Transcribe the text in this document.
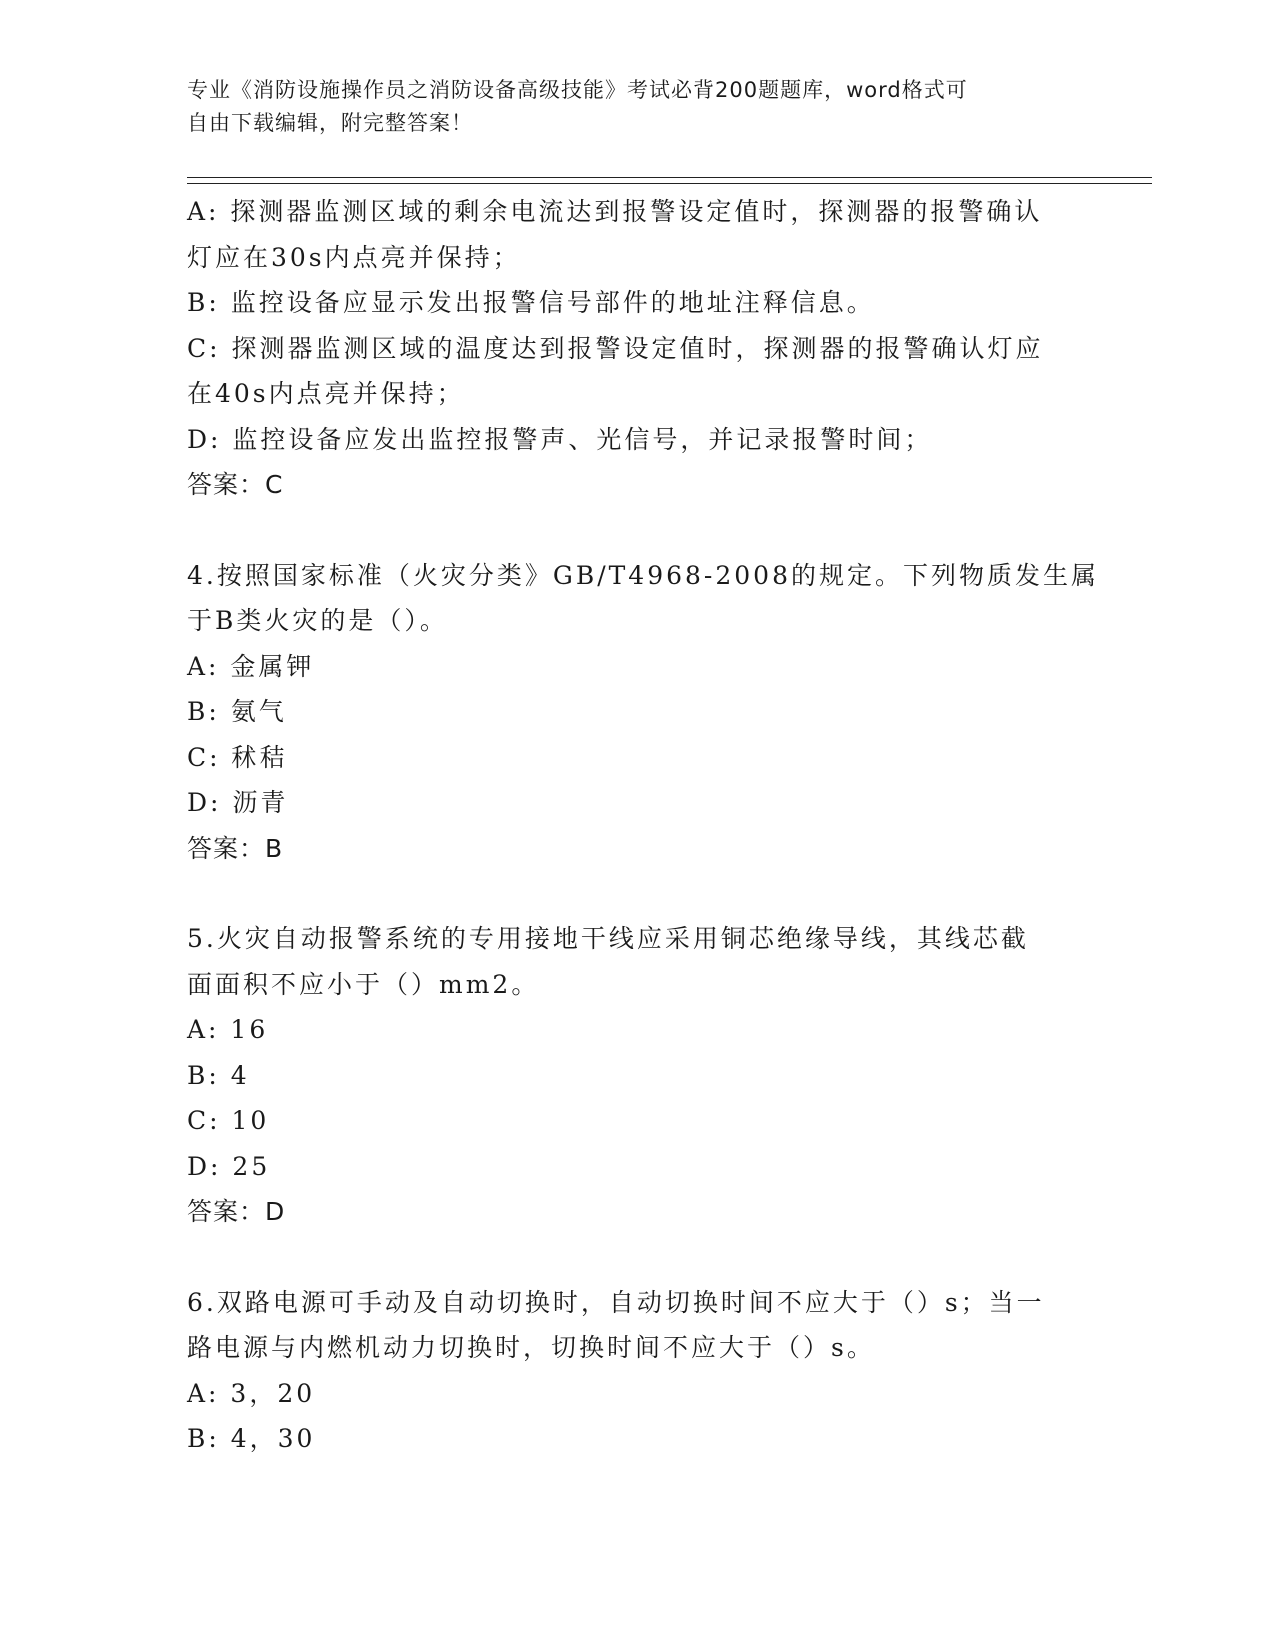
专业《消防设施操作员之消防设备高级技能》考试必背200题题库，word格式可
自由下载编辑，附完整答案！
A: 探测器监测区域的剩余电流达到报警设定值时，探测器的报警确认
灯应在30s内点亮并保持；
B: 监控设备应显示发出报警信号部件的地址注释信息。
C: 探测器监测区域的温度达到报警设定值时，探测器的报警确认灯应
在40s内点亮并保持；
D: 监控设备应发出监控报警声、光信号，并记录报警时间；
答案：C
4.按照国家标准（火灾分类》GB/T4968-2008的规定。下列物质发生属
于B类火灾的是（）。
A: 金属钾
B: 氨气
C: 秫秸
D: 沥青
答案：B
5.火灾自动报警系统的专用接地干线应采用铜芯绝缘导线，其线芯截
面面积不应小于（）mm2。
A: 16
B: 4
C: 10
D: 25
答案：D
6.双路电源可手动及自动切换时，自动切换时间不应大于（）s；当一
路电源与内燃机动力切换时，切换时间不应大于（）s。
A: 3，20
B: 4，30
